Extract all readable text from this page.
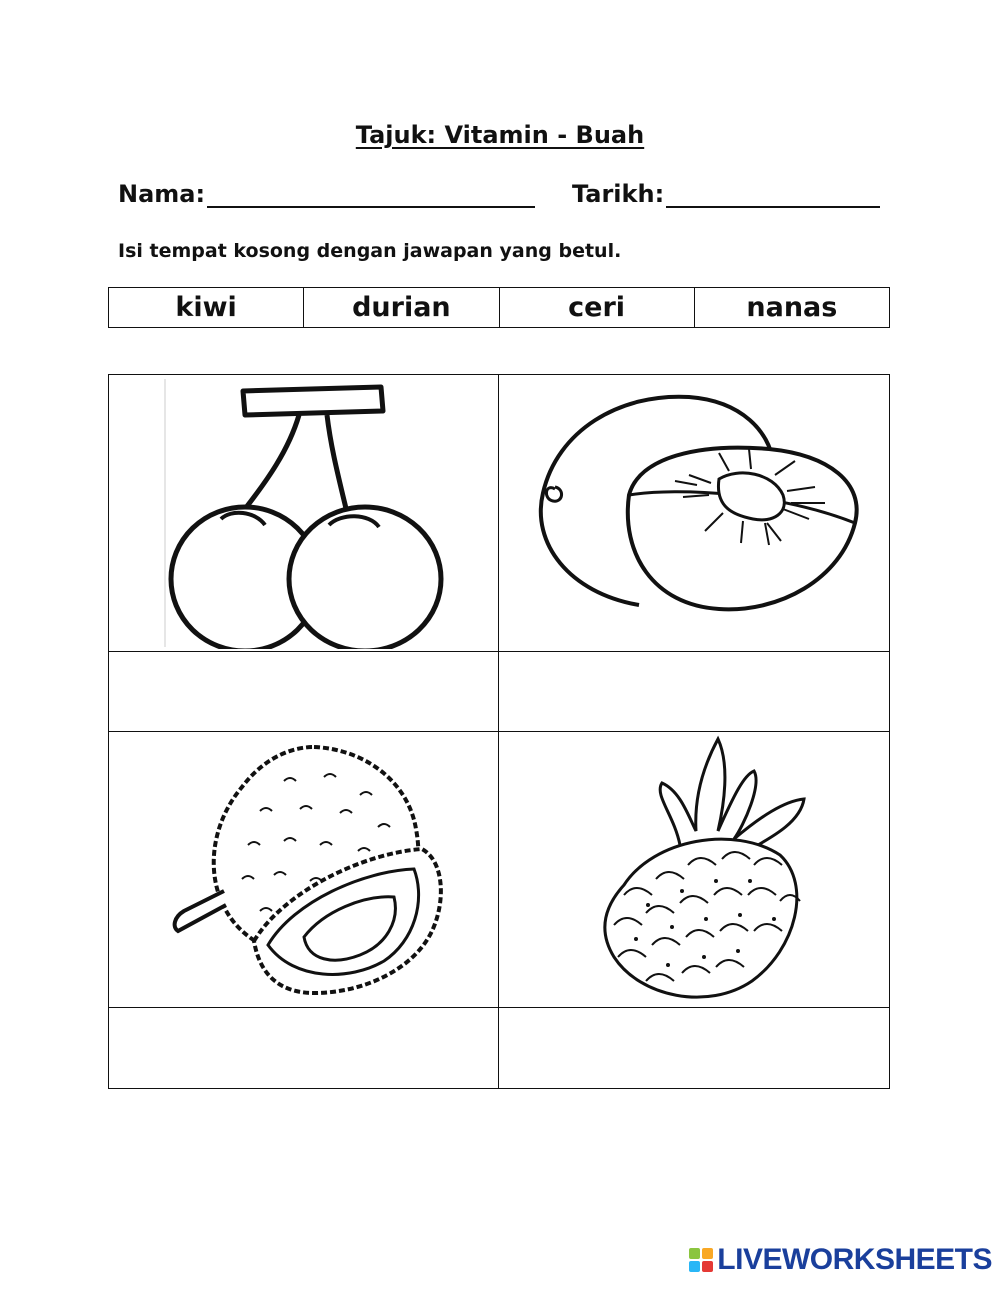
Tajuk: Vitamin - Buah
Nama:	Tarikh:
Isi tempat kosong dengan jawapan yang betul.
kiwi	durian	ceri	nanas
LIVEWORKSHEETS
